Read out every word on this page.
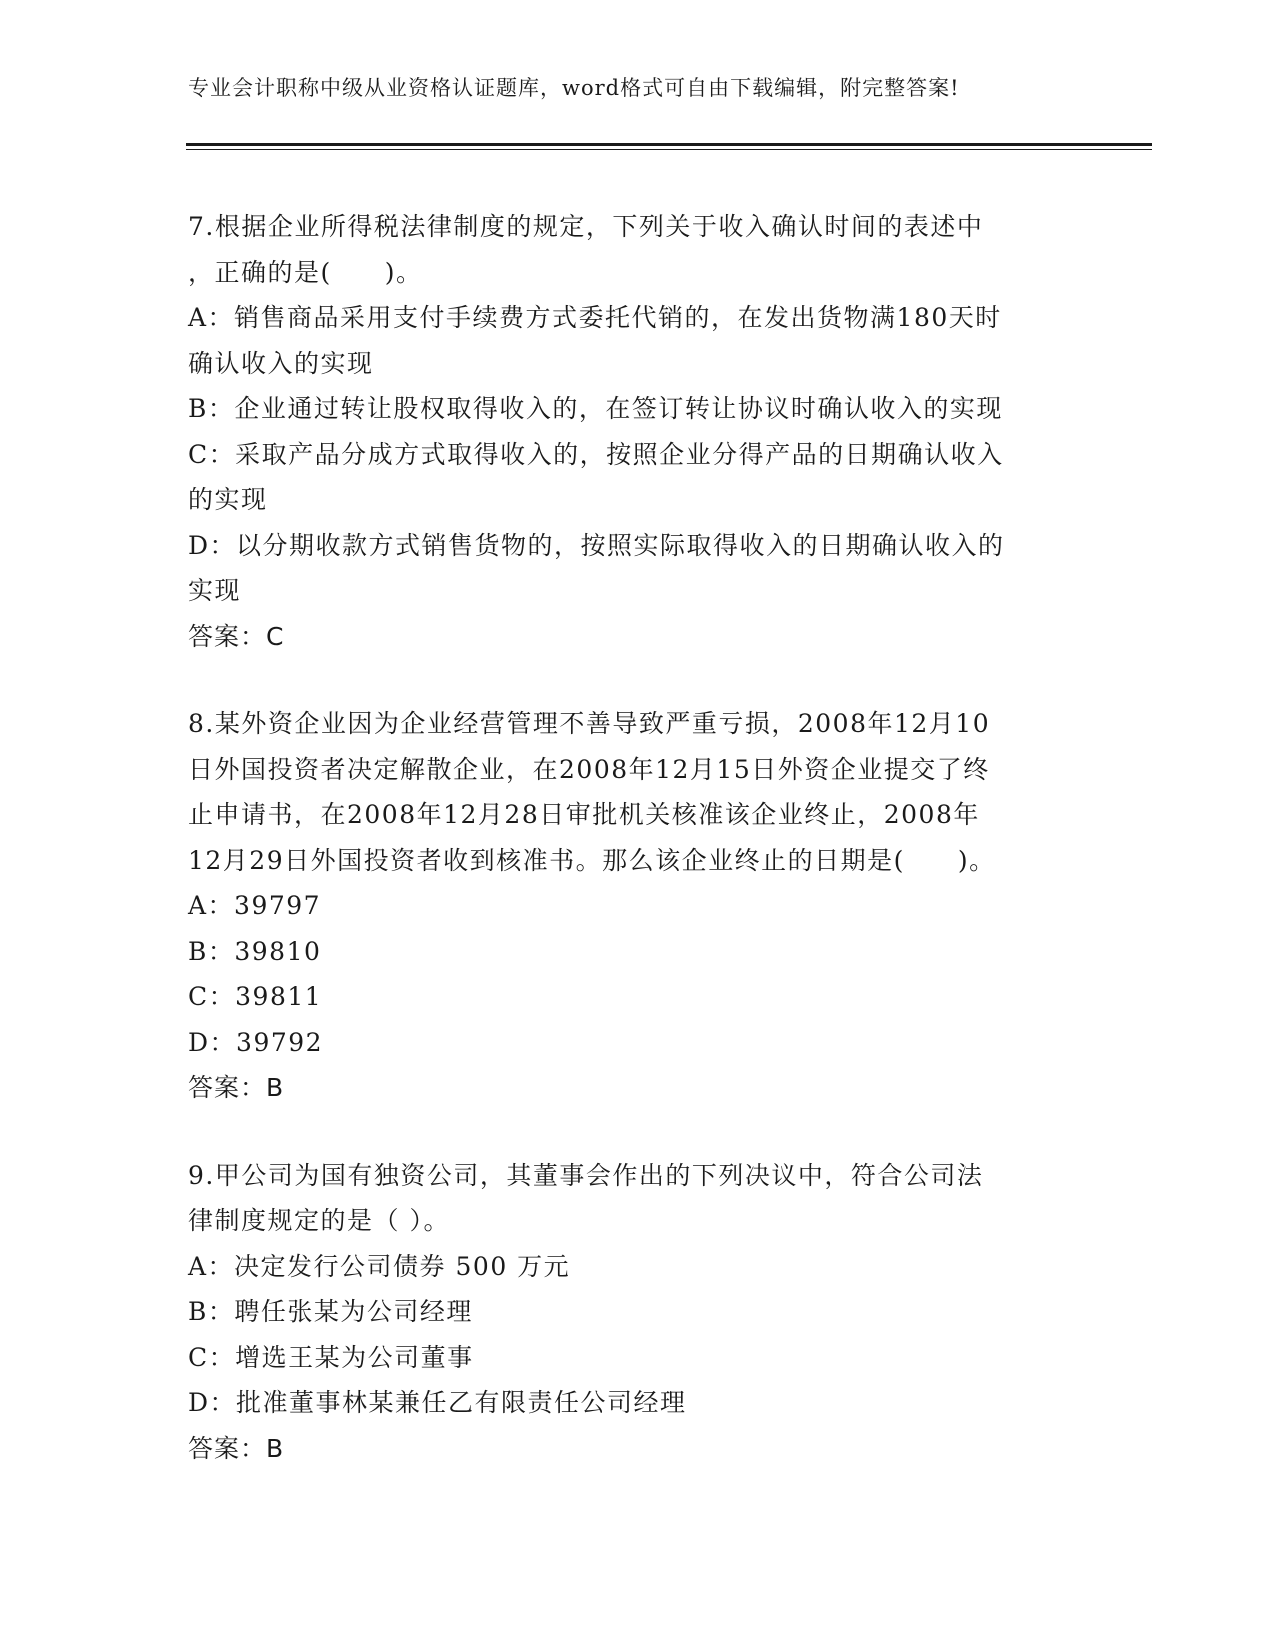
专业会计职称中级从业资格认证题库，word格式可自由下载编辑，附完整答案!
7.根据企业所得税法律制度的规定，下列关于收入确认时间的表述中
，正确的是(　　)。
A：销售商品采用支付手续费方式委托代销的，在发出货物满180天时
确认收入的实现
B：企业通过转让股权取得收入的，在签订转让协议时确认收入的实现
C：采取产品分成方式取得收入的，按照企业分得产品的日期确认收入
的实现
D：以分期收款方式销售货物的，按照实际取得收入的日期确认收入的
实现
答案：C
8.某外资企业因为企业经营管理不善导致严重亏损，2008年12月10
日外国投资者决定解散企业，在2008年12月15日外资企业提交了终
止申请书，在2008年12月28日审批机关核准该企业终止，2008年
12月29日外国投资者收到核准书。那么该企业终止的日期是(　　)。
A：39797
B：39810
C：39811
D：39792
答案：B
9.甲公司为国有独资公司，其董事会作出的下列决议中，符合公司法
律制度规定的是（ ）。
A：决定发行公司债券 500 万元
B：聘任张某为公司经理
C：增选王某为公司董事
D：批准董事林某兼任乙有限责任公司经理
答案：B
